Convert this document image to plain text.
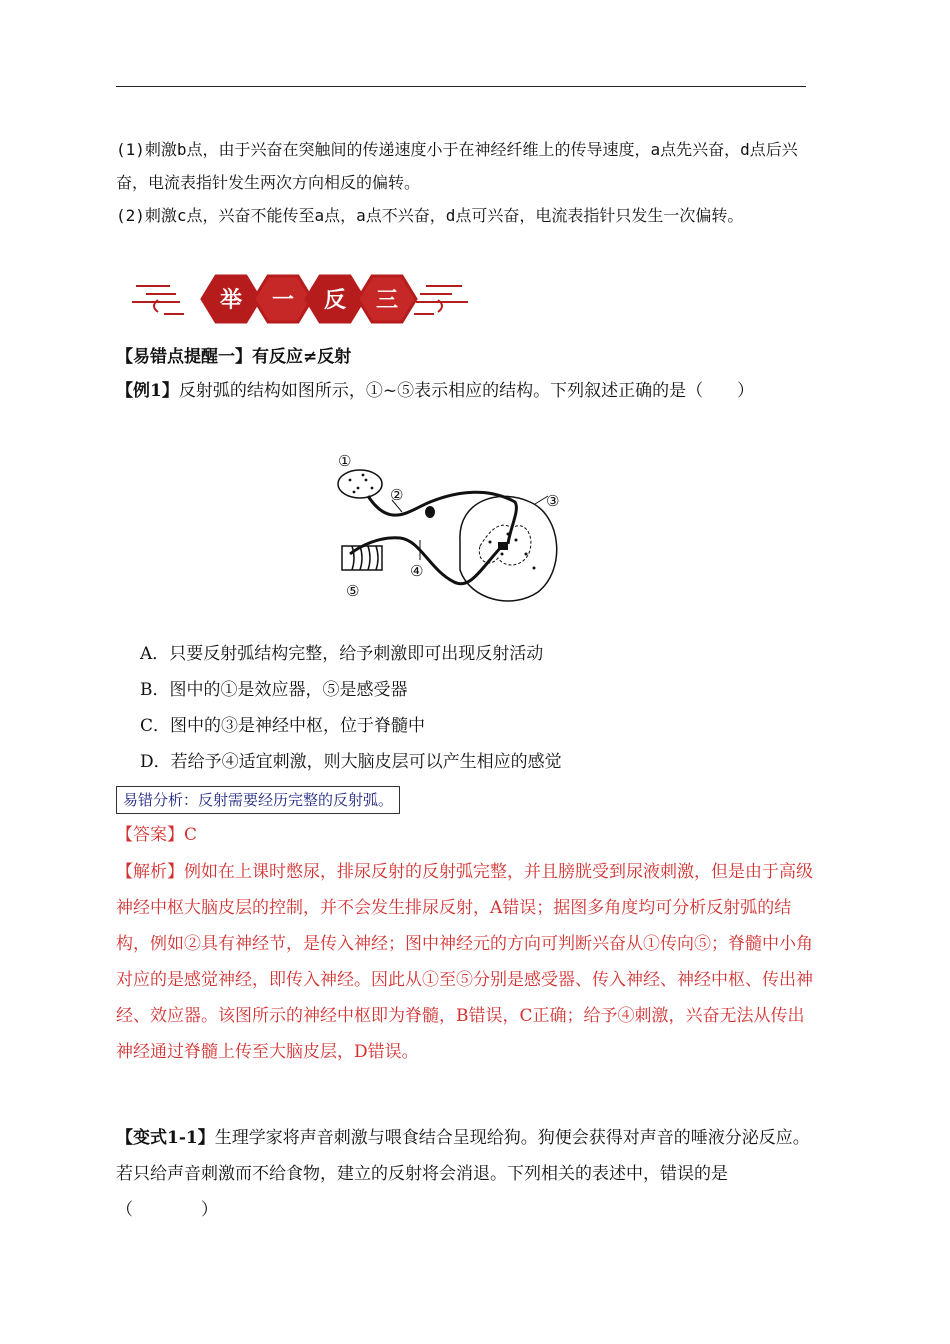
(1)刺激b点，由于兴奋在突触间的传递速度小于在神经纤维上的传导速度，a点先兴奋，d点后兴奋，电流表指针发生两次方向相反的偏转。

(2)刺激c点，兴奋不能传至a点，a点不兴奋，d点可兴奋，电流表指针只发生一次偏转。

举 一 反 三
【易错点提醒一】有反应≠反射
【例1】反射弧的结构如图所示，①~⑤表示相应的结构。下列叙述正确的是（　　）
①
②	③
④
⑤
A．只要反射弧结构完整，给予刺激即可出现反射活动
B．图中的①是效应器，⑤是感受器
C．图中的③是神经中枢，位于脊髓中
D．若给予④适宜刺激，则大脑皮层可以产生相应的感觉
易错分析：反射需要经历完整的反射弧。
【答案】C
【解析】例如在上课时憋尿，排尿反射的反射弧完整，并且膀胱受到尿液刺激，但是由于高级神经中枢大脑皮层的控制，并不会发生排尿反射，A错误；据图多角度均可分析反射弧的结构，例如②具有神经节，是传入神经；图中神经元的方向可判断兴奋从①传向⑤；脊髓中小角对应的是感觉神经，即传入神经。因此从①至⑤分别是感受器、传入神经、神经中枢、传出神经、效应器。该图所示的神经中枢即为脊髓，B错误，C正确；给予④刺激，兴奋无法从传出神经通过脊髓上传至大脑皮层，D错误。
【变式1-1】生理学家将声音刺激与喂食结合呈现给狗。狗便会获得对声音的唾液分泌反应。若只给声音刺激而不给食物，建立的反射将会消退。下列相关的表述中，错误的是（　　　　）
